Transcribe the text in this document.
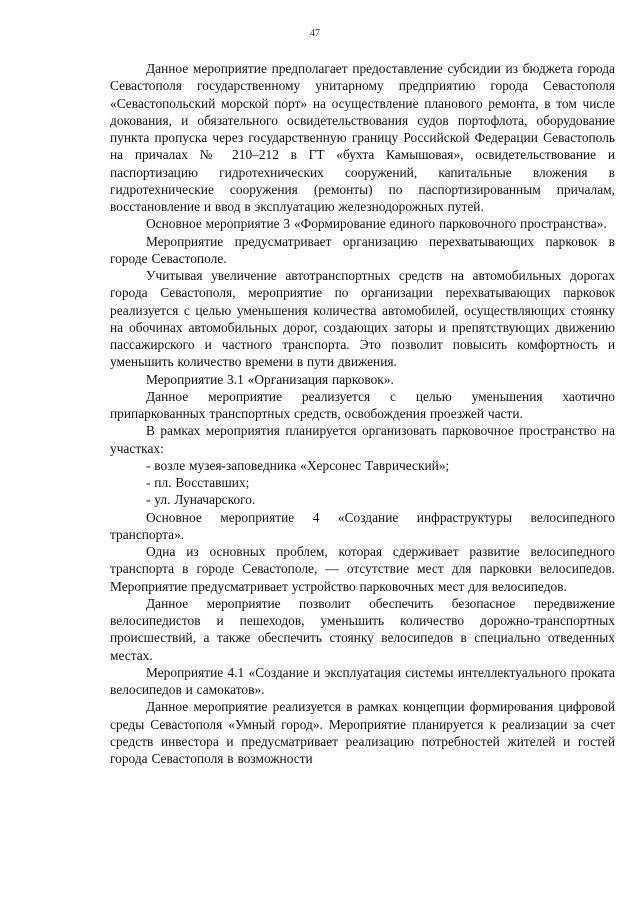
47

Данное мероприятие предполагает предоставление субсидии из бюджета города Севастополя государственному унитарному предприятию города Севастополя «Севастопольский морской порт» на осуществление планового ремонта, в том числе докования, и обязательного освидетельствования судов портофлота, оборудование пункта пропуска через государственную границу Российской Федерации Севастополь на причалах № 210–212 в ГТ «бухта Камышовая», освидетельствование и паспортизацию гидротехнических сооружений, капитальные вложения в гидротехнические сооружения (ремонты) по паспортизированным причалам, восстановление и ввод в эксплуатацию железнодорожных путей.

Основное мероприятие 3 «Формирование единого парковочного пространства».

Мероприятие предусматривает организацию перехватывающих парковок в городе Севастополе.

Учитывая увеличение автотранспортных средств на автомобильных дорогах города Севастополя, мероприятие по организации перехватывающих парковок реализуется с целью уменьшения количества автомобилей, осуществляющих стоянку на обочинах автомобильных дорог, создающих заторы и препятствующих движению пассажирского и частного транспорта. Это позволит повысить комфортность и уменьшить количество времени в пути движения.

Мероприятие 3.1 «Организация парковок».

Данное мероприятие реализуется с целью уменьшения хаотично припаркованных транспортных средств, освобождения проезжей части.

В рамках мероприятия планируется организовать парковочное пространство на участках:

- возле музея-заповедника «Херсонес Таврический»;

- пл. Восставших;

- ул. Луначарского.

Основное мероприятие 4 «Создание инфраструктуры велосипедного транспорта».

Одна из основных проблем, которая сдерживает развитие велосипедного транспорта в городе Севастополе, — отсутствие мест для парковки велосипедов. Мероприятие предусматривает устройство парковочных мест для велосипедов.

Данное мероприятие позволит обеспечить безопасное передвижение велосипедистов и пешеходов, уменьшить количество дорожно-транспортных происшествий, а также обеспечить стоянку велосипедов в специально отведенных местах.

Мероприятие 4.1 «Создание и эксплуатация системы интеллектуального проката велосипедов и самокатов».

Данное мероприятие реализуется в рамках концепции формирования цифровой среды Севастополя «Умный город». Мероприятие планируется к реализации за счет средств инвестора и предусматривает реализацию потребностей жителей и гостей города Севастополя в возможности
